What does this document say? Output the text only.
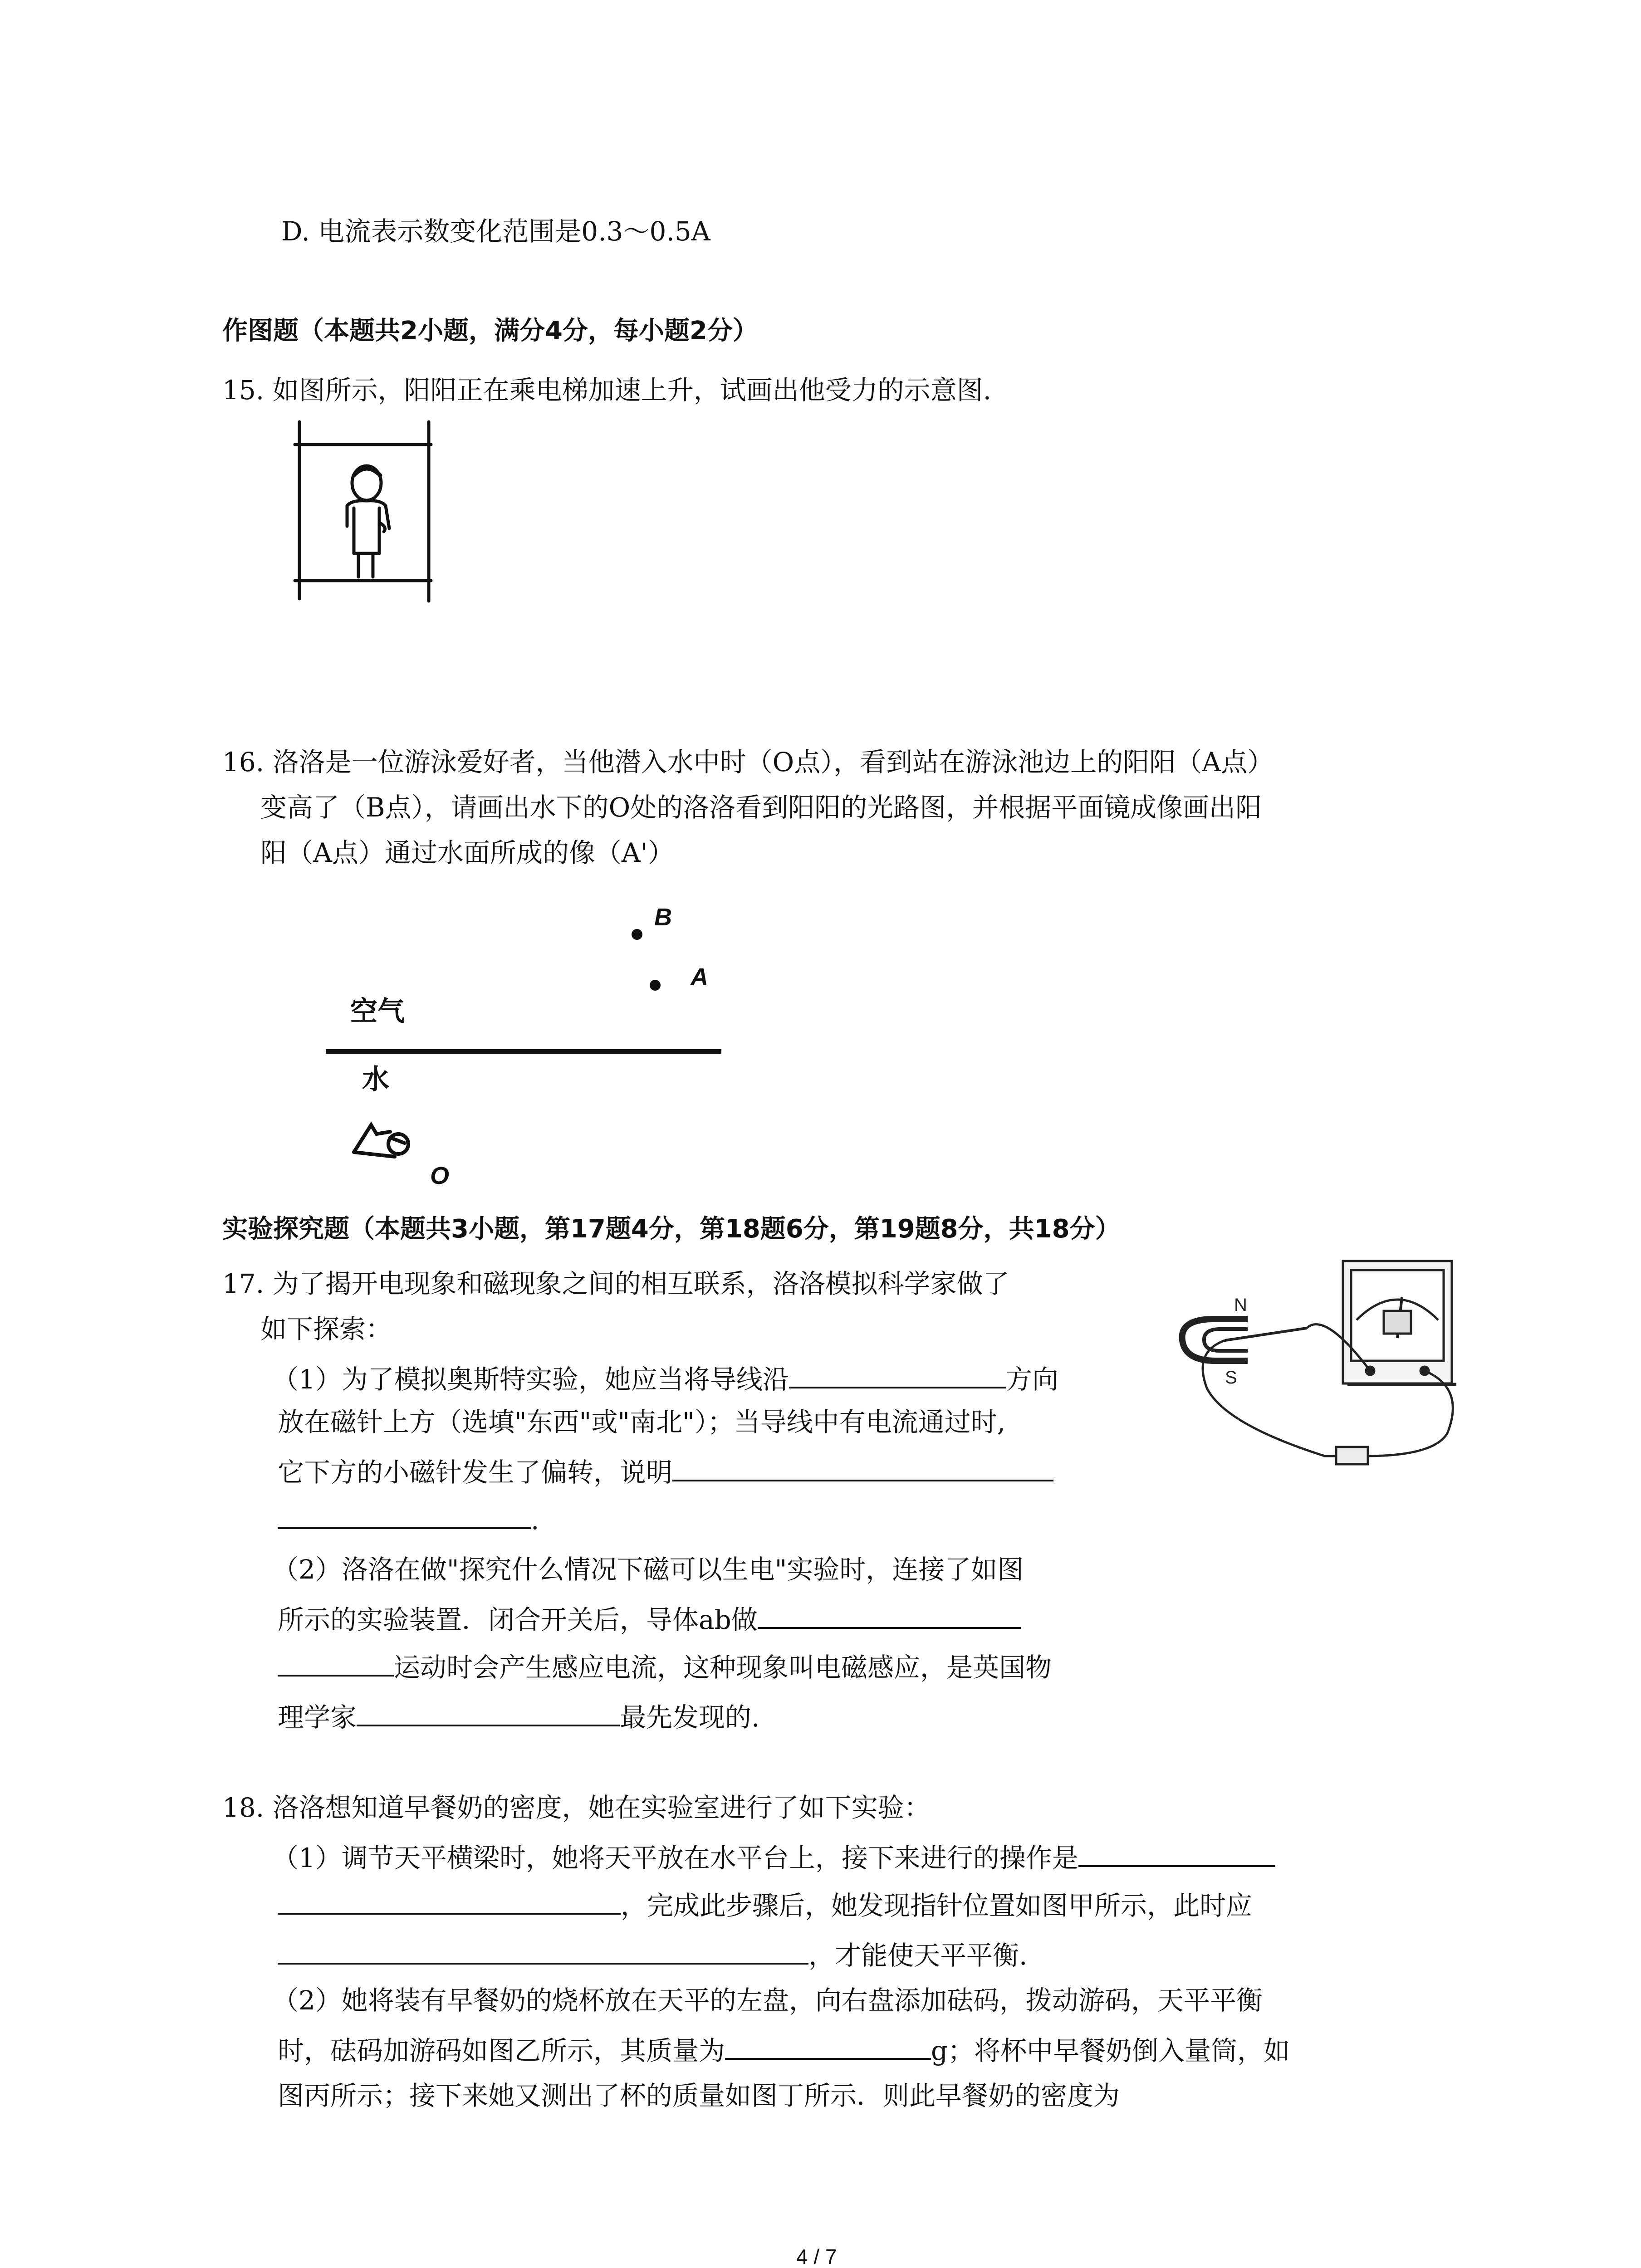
D. 电流表示数变化范围是0.3～0.5A
作图题（本题共2小题，满分4分，每小题2分）
15. 如图所示，阳阳正在乘电梯加速上升，试画出他受力的示意图.
16. 洛洛是一位游泳爱好者，当他潜入水中时（O点），看到站在游泳池边上的阳阳（A点）
变高了（B点），请画出水下的O处的洛洛看到阳阳的光路图，并根据平面镜成像画出阳
阳（A点）通过水面所成的像（A'）
B
A
空气
水
O
实验探究题（本题共3小题，第17题4分，第18题6分，第19题8分，共18分）
17. 为了揭开电现象和磁现象之间的相互联系，洛洛模拟科学家做了
如下探索：
（1）为了模拟奥斯特实验，她应当将导线沿	方向
放在磁针上方（选填"东西"或"南北"）；当导线中有电流通过时,
它下方的小磁针发生了偏转，说明
.
（2）洛洛在做"探究什么情况下磁可以生电"实验时，连接了如图
所示的实验装置．闭合开关后，导体ab做
运动时会产生感应电流，这种现象叫电磁感应，是英国物
理学家	最先发现的.
N
S
18. 洛洛想知道早餐奶的密度，她在实验室进行了如下实验：
（1）调节天平横梁时，她将天平放在水平台上，接下来进行的操作是
，完成此步骤后，她发现指针位置如图甲所示，此时应
，才能使天平平衡.
（2）她将装有早餐奶的烧杯放在天平的左盘，向右盘添加砝码，拨动游码，天平平衡
时，砝码加游码如图乙所示，其质量为	g；将杯中早餐奶倒入量筒，如
图丙所示；接下来她又测出了杯的质量如图丁所示．则此早餐奶的密度为
4 / 7
